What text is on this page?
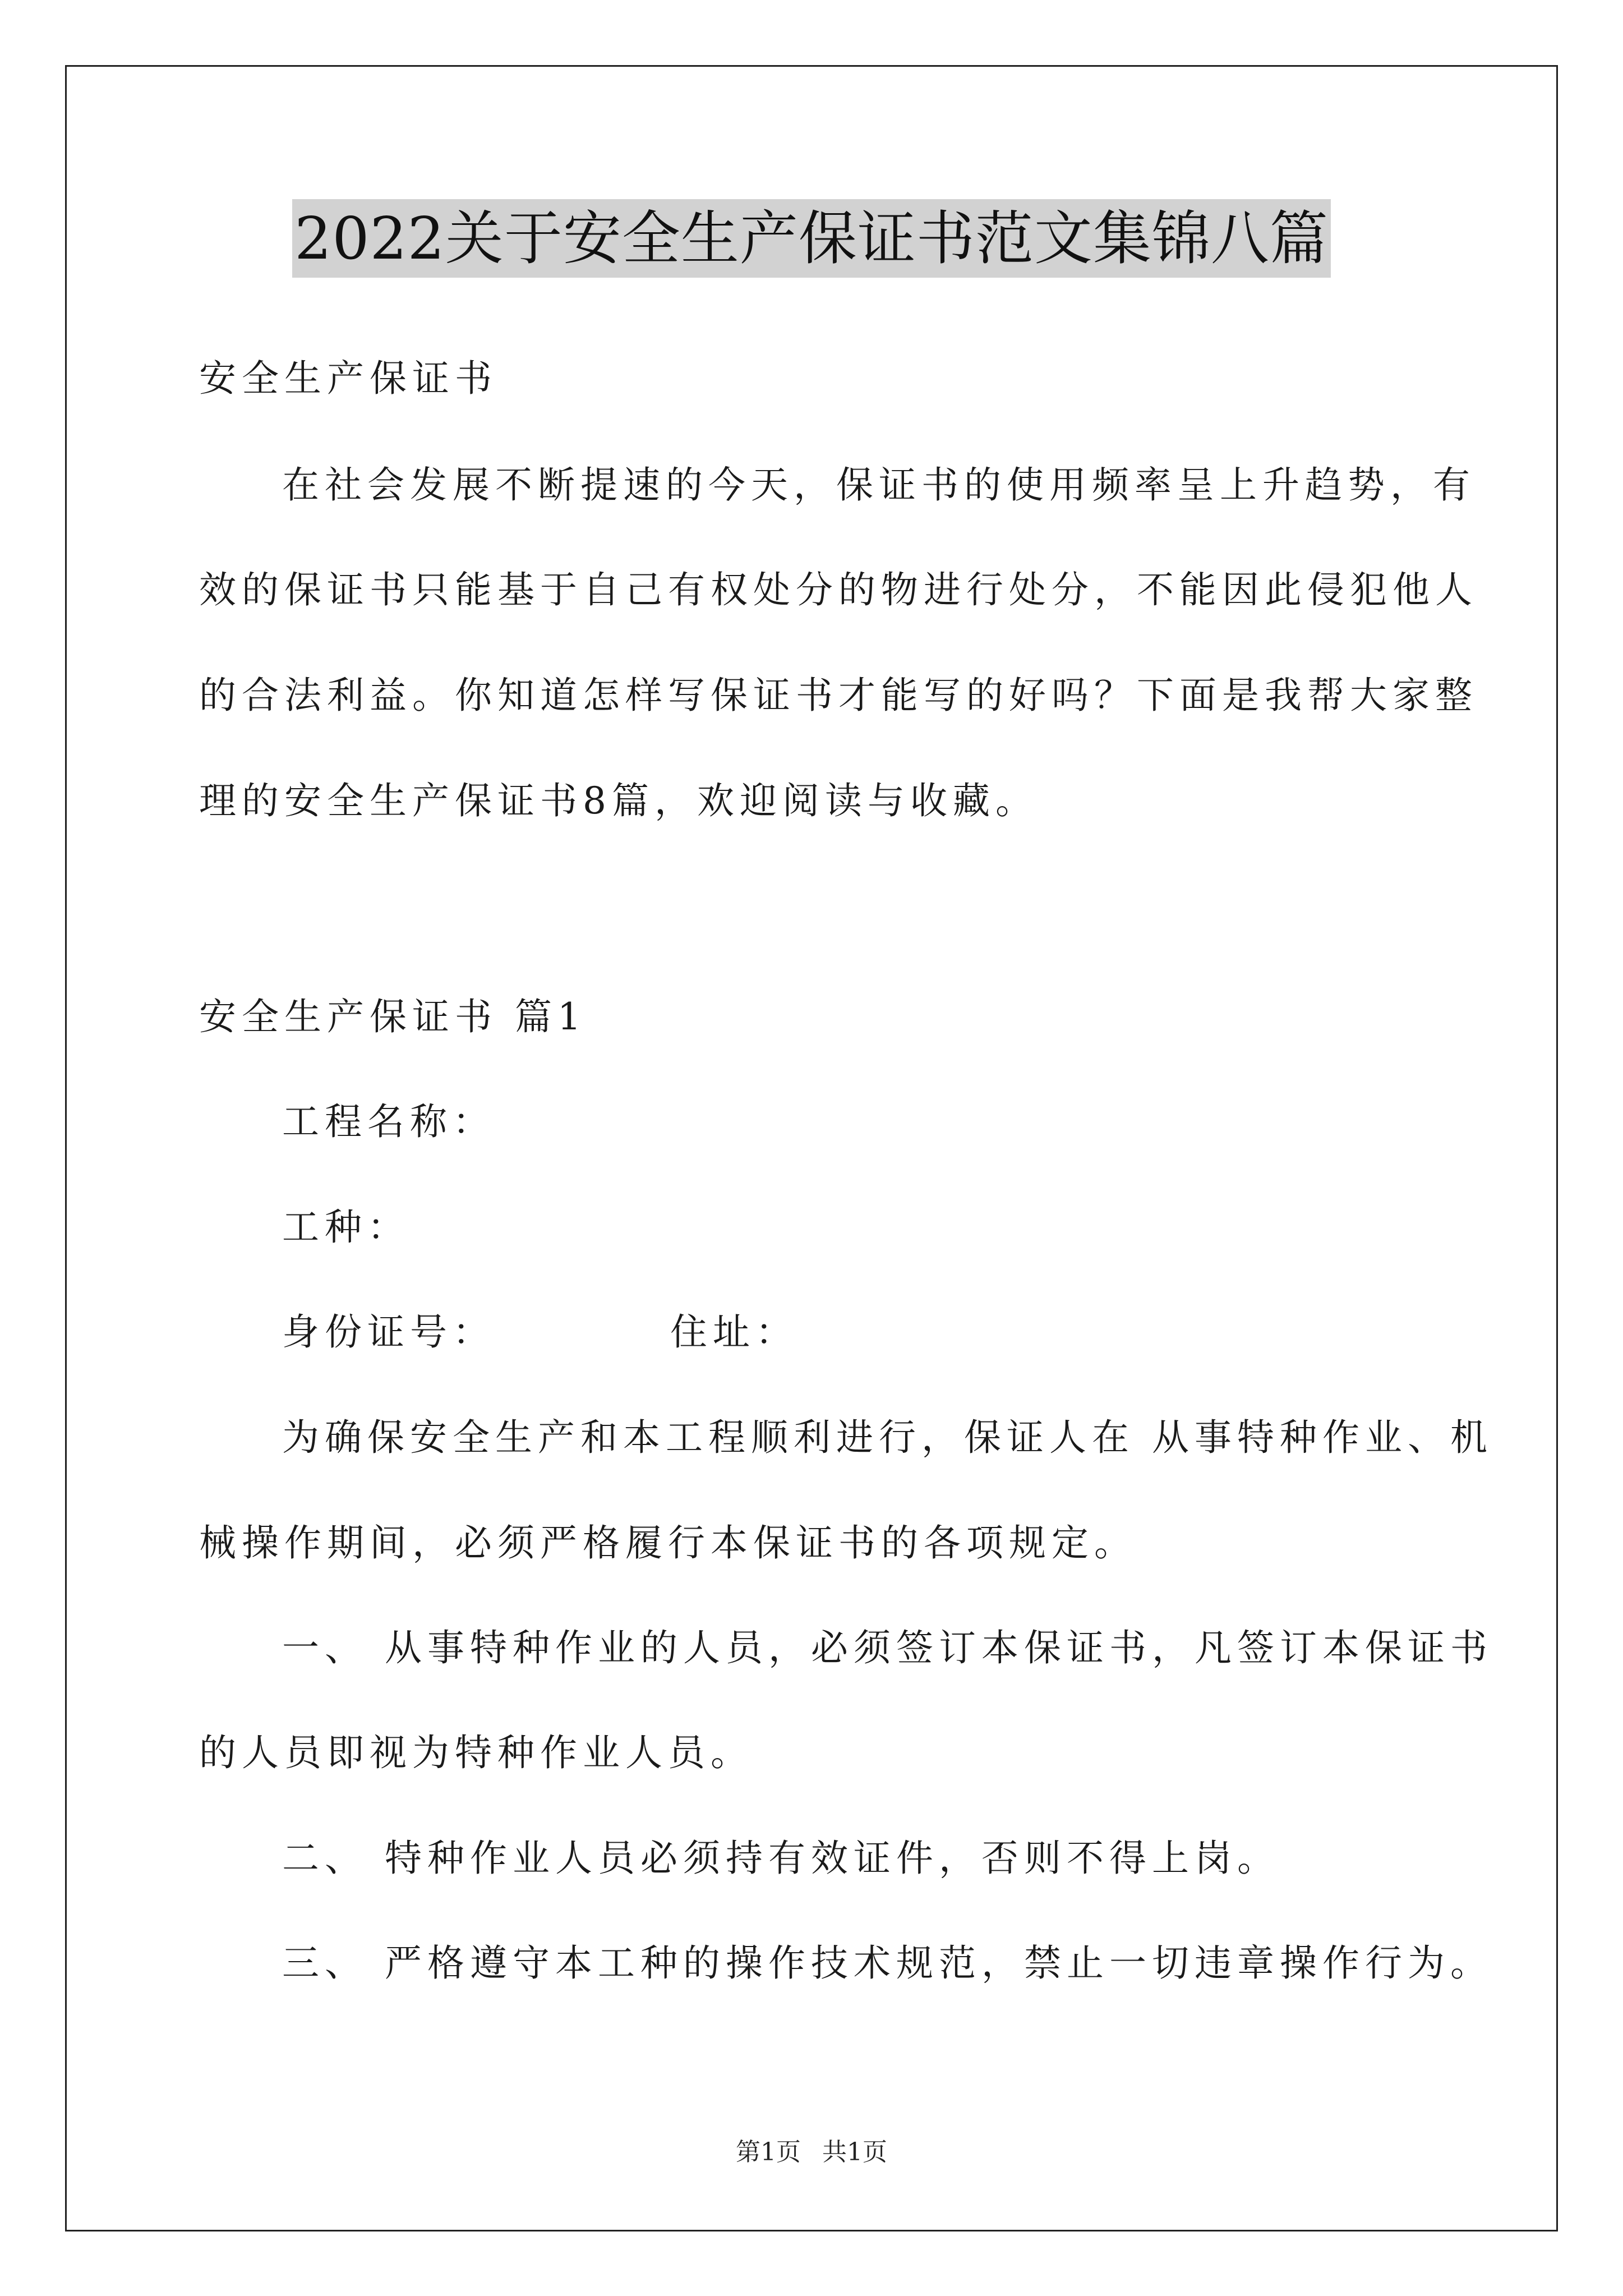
2022关于安全生产保证书范文集锦八篇
安全生产保证书
在社会发展不断提速的今天，保证书的使用频率呈上升趋势，有
效的保证书只能基于自己有权处分的物进行处分，不能因此侵犯他人
的合法利益。你知道怎样写保证书才能写的好吗？下面是我帮大家整
理的安全生产保证书8篇，欢迎阅读与收藏。
安全生产保证书 篇1
工程名称：
工种：
身份证号：	住址：
为确保安全生产和本工程顺利进行，保证人在 从事特种作业、机
械操作期间，必须严格履行本保证书的各项规定。
一、 从事特种作业的人员，必须签订本保证书，凡签订本保证书
的人员即视为特种作业人员。
二、 特种作业人员必须持有效证件，否则不得上岗。
三、 严格遵守本工种的操作技术规范，禁止一切违章操作行为。
第1页 共1页
